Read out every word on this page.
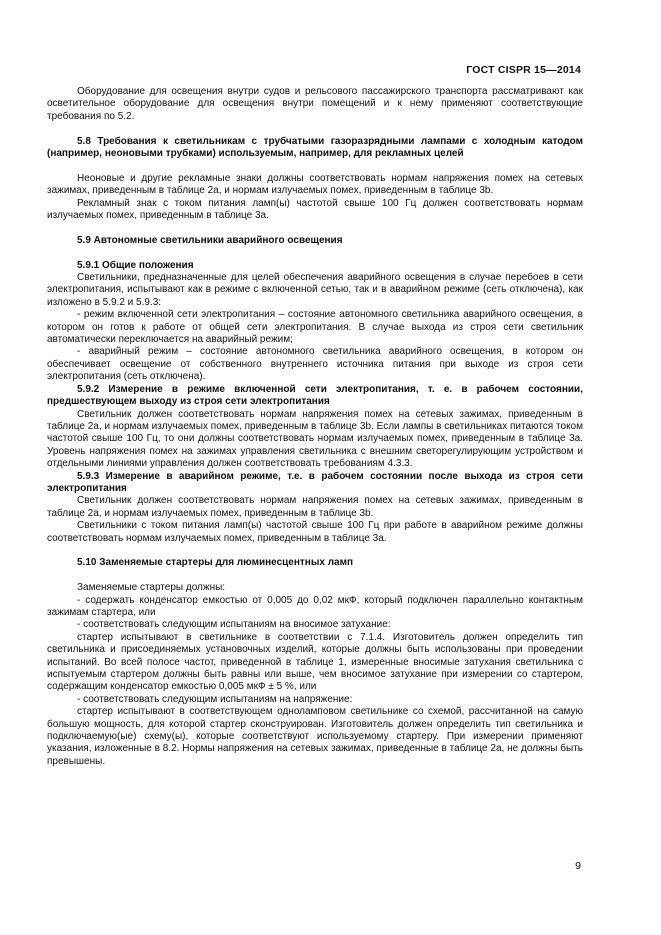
ГОСТ CISPR 15—2014

Оборудование для освещения внутри судов и рельсового пассажирского транспорта рассматривают как осветительное оборудование для освещения внутри помещений и к нему применяют соответствующие требования по 5.2.

5.8 Требования к светильникам с трубчатыми газоразрядными лампами с холодным катодом (например, неоновыми трубками) используемым, например, для рекламных целей

Неоновые и другие рекламные знаки должны соответствовать нормам напряжения помех на сетевых зажимах, приведенным в таблице 2а, и нормам излучаемых помех, приведенным в таблице 3b.

Рекламный знак с током питания ламп(ы) частотой свыше 100 Гц должен соответствовать нормам излучаемых помех, приведенным в таблице 3а.

5.9 Автономные светильники аварийного освещения

5.9.1 Общие положения

Светильники, предназначенные для целей обеспечения аварийного освещения в случае перебоев в сети электропитания, испытывают как в режиме с включенной сетью, так и в аварийном режиме (сеть отключена), как изложено в 5.9.2 и 5.9.3:

- режим включенной сети электропитания – состояние автономного светильника аварийного освещения, в котором он готов к работе от общей сети электропитания. В случае выхода из строя сети светильник автоматически переключается на аварийный режим;

- аварийный режим – состояние автономного светильника аварийного освещения, в котором он обеспечивает освещение от собственного внутреннего источника питания при выходе из строя сети электропитания (сеть отключена).

5.9.2 Измерение в режиме включенной сети электропитания, т. е. в рабочем состоянии, предшествующем выходу из строя сети электропитания

Светильник должен соответствовать нормам напряжения помех на сетевых зажимах, приведенным в таблице 2а, и нормам излучаемых помех, приведенным в таблице 3b. Если лампы в светильниках питаются током частотой свыше 100 Гц, то они должны соответствовать нормам излучаемых помех, приведенным в таблице 3а. Уровень напряжения помех на зажимах управления светильника с внешним светорегулирующим устройством и отдельными линиями управления должен соответствовать требованиям 4.3.3.

5.9.3 Измерение в аварийном режиме, т.е. в рабочем состоянии после выхода из строя сети электропитания

Светильник должен соответствовать нормам напряжения помех на сетевых зажимах, приведенным в таблице 2а, и нормам излучаемых помех, приведенным в таблице 3b.

Светильники с током питания ламп(ы) частотой свыше 100 Гц при работе в аварийном режиме должны соответствовать нормам излучаемых помех, приведенным в таблице 3а.

5.10 Заменяемые стартеры для люминесцентных ламп

Заменяемые стартеры должны:

- содержать конденсатор емкостью от 0,005 до 0,02 мкФ, который подключен параллельно контактным зажимам стартера, или

- соответствовать следующим испытаниям на вносимое затухание:

стартер испытывают в светильнике в соответствии с 7.1.4. Изготовитель должен определить тип светильника и присоединяемых установочных изделий, которые должны быть использованы при проведении испытаний. Во всей полосе частот, приведенной в таблице 1, измеренные вносимые затухания светильника с испытуемым стартером должны быть равны или выше, чем вносимое затухание при измерении со стартером, содержащим конденсатор емкостью 0,005 мкФ ± 5 %, или

- соответствовать следующим испытаниям на напряжение:

стартер испытывают в соответствующем одноламповом светильнике со схемой, рассчитанной на самую большую мощность, для которой стартер сконструирован. Изготовитель должен определить тип светильника и подключаемую(ые) схему(ы), которые соответствуют используемому стартеру. При измерении применяют указания, изложенные в 8.2. Нормы напряжения на сетевых зажимах, приведенные в таблице 2а, не должны быть превышены.

9
